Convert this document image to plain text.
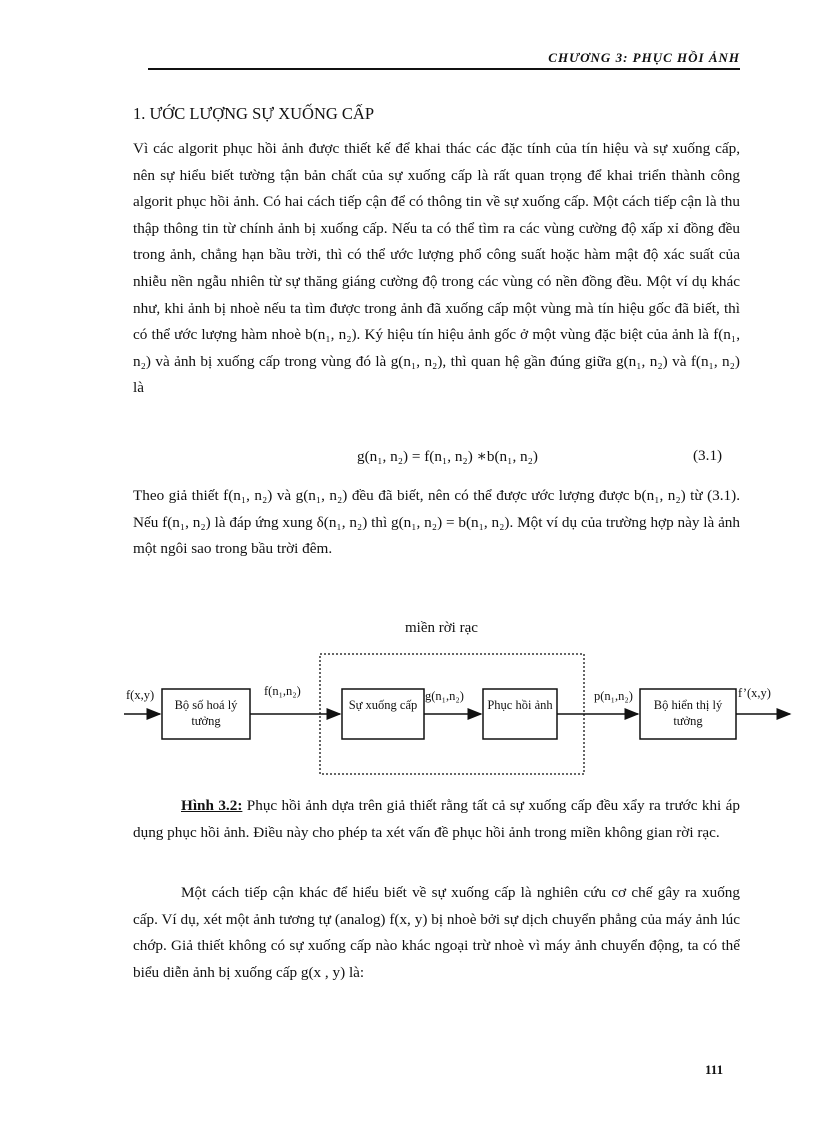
CHƯƠNG 3: PHỤC HỒI ẢNH
1. ƯỚC LƯỢNG SỰ XUỐNG CẤP

Vì các algorit phục hồi ảnh được thiết kế để khai thác các đặc tính của tín hiệu và sự xuống cấp, nên sự hiểu biết tường tận bản chất của sự xuống cấp là rất quan trọng để khai triển thành công algorit phục hồi ảnh. Có hai cách tiếp cận để có thông tin về sự xuống cấp. Một cách tiếp cận là thu thập thông tin từ chính ảnh bị xuống cấp. Nếu ta có thể tìm ra các vùng cường độ xấp xỉ đồng đều trong ảnh, chẳng hạn bầu trời, thì có thể ước lượng phổ công suất hoặc hàm mật độ xác suất của nhiễu nền ngẫu nhiên từ sự thăng giáng cường độ trong các vùng có nền đồng đều. Một ví dụ khác như, khi ảnh bị nhoè nếu ta tìm được trong ảnh đã xuống cấp một vùng mà tín hiệu gốc đã biết, thì có thể ước lượng hàm nhoè b(n₁, n₂). Ký hiệu tín hiệu ảnh gốc ở một vùng đặc biệt của ảnh là f(n₁, n₂) và ảnh bị xuống cấp trong vùng đó là g(n₁, n₂), thì quan hệ gần đúng giữa g(n₁, n₂) và f(n₁, n₂) là

g(n₁, n₂) = f(n₁, n₂) ∗b(n₁, n₂)	(3.1)

Theo giả thiết f(n₁, n₂) và g(n₁, n₂) đều đã biết, nên có thể được ước lượng được b(n₁, n₂) từ (3.1). Nếu f(n₁, n₂) là đáp ứng xung δ(n₁, n₂) thì g(n₁, n₂) = b(n₁, n₂). Một ví dụ của trường hợp này là ảnh một ngôi sao trong bầu trời đêm.

miền rời rạc
f(x,y)	f(n₁,n₂)	g(n₁,n₂)	p(n₁,n₂)	f’(x,y)
Bộ số hoá lý tưởng
Sự xuống cấp	Phục hồi ảnh	Bộ hiển thị lý tưởng

Hình 3.2: Phục hồi ảnh dựa trên giả thiết rằng tất cả sự xuống cấp đều xẩy ra trước khi áp dụng phục hồi ảnh. Điều này cho phép ta xét vấn đề phục hồi ảnh trong miền không gian rời rạc.

Một cách tiếp cận khác để hiểu biết về sự xuống cấp là nghiên cứu cơ chế gây ra xuống cấp. Ví dụ, xét một ảnh tương tự (analog) f(x, y) bị nhoè bởi sự dịch chuyển phẳng của máy ảnh lúc chớp. Giả thiết không có sự xuống cấp nào khác ngoại trừ nhoè vì máy ảnh chuyển động, ta có thể biểu diễn ảnh bị xuống cấp g(x , y) là:

111
